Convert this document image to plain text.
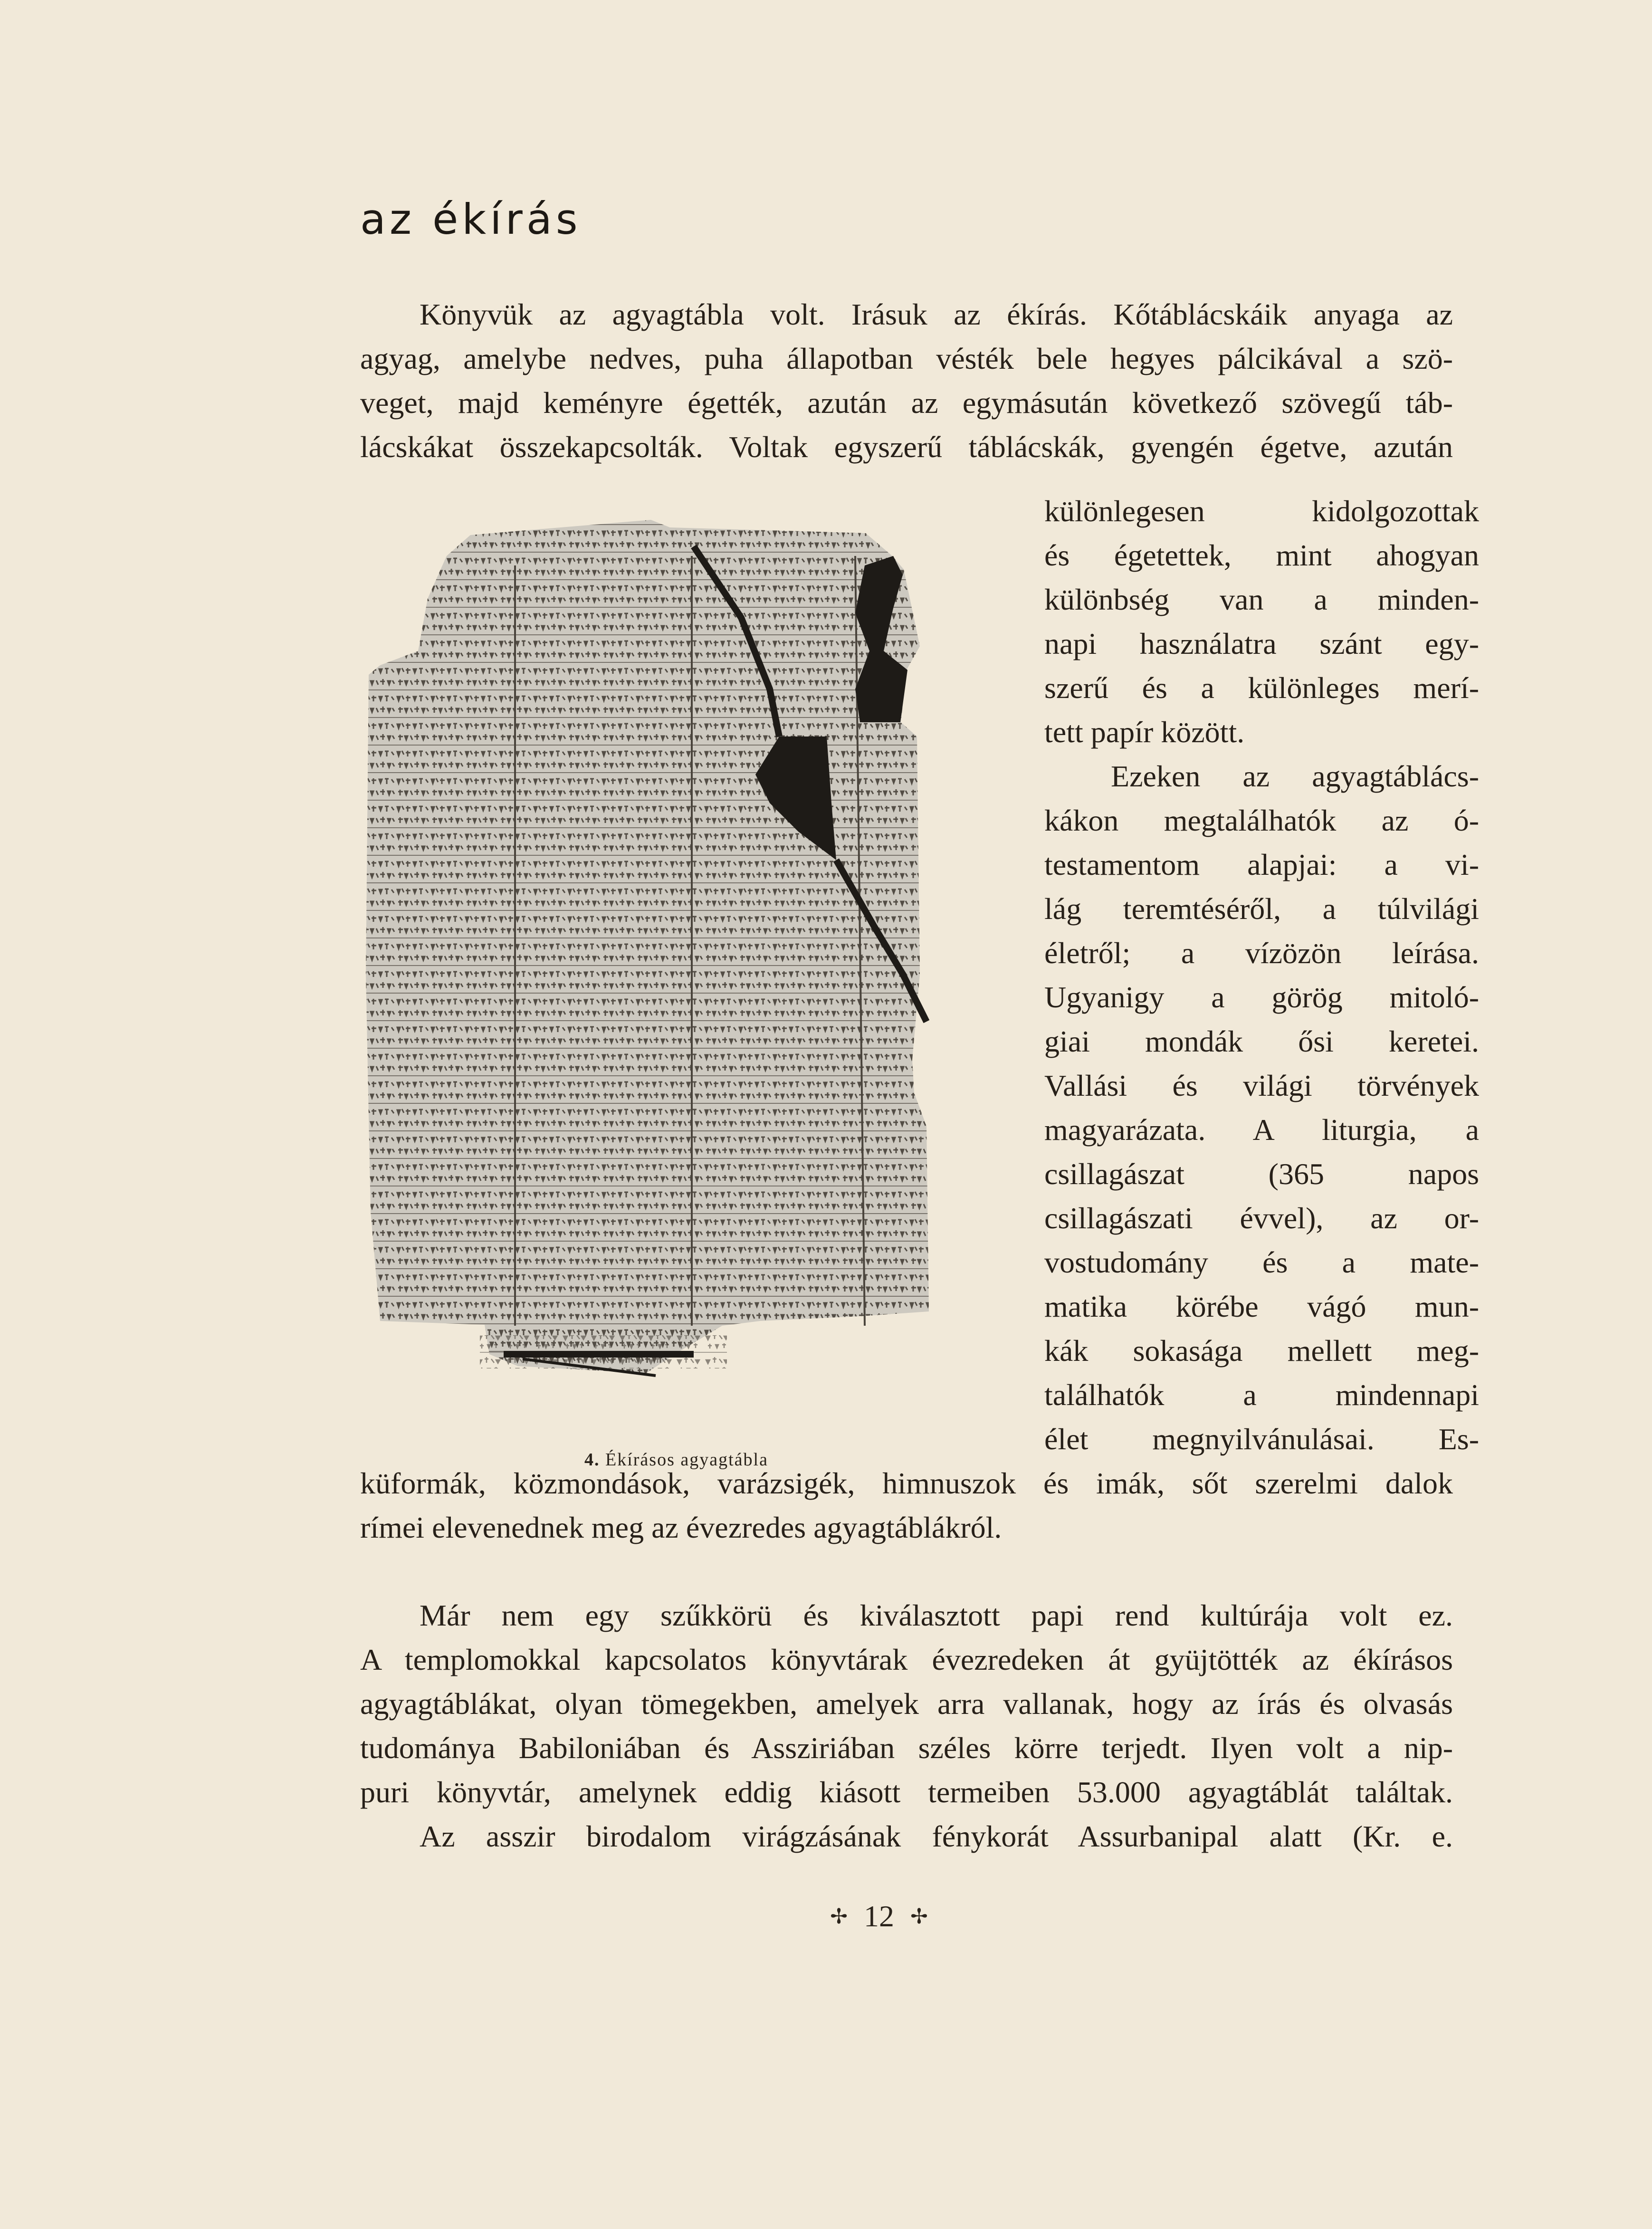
az ékírás
Könyvük az agyagtábla volt. Irásuk az ékírás. Kőtáblácskáik anyaga az
agyag, amelybe nedves, puha állapotban vésték bele hegyes pálcikával a szö-
veget, majd keményre égették, azután az egymásután következő szövegű táb-
lácskákat összekapcsolták. Voltak egyszerű táblácskák, gyengén égetve, azután
különlegesen kidolgozottak
és égetettek, mint ahogyan
különbség van a minden-
napi használatra szánt egy-
szerű és a különleges merí-
tett papír között.
Ezeken az agyagtáblács-
kákon megtalálhatók az ó-
testamentom alapjai: a vi-
lág teremtéséről, a túlvilági
életről; a vízözön leírása.
Ugyanigy a görög mitoló-
giai mondák ősi keretei.
Vallási és világi törvények
magyarázata. A liturgia, a
csillagászat (365 napos
csillagászati évvel), az or-
vostudomány és a mate-
matika körébe vágó mun-
kák sokasága mellett meg-
találhatók a mindennapi
élet megnyilvánulásai. Es-
küformák, közmondások, varázsigék, himnuszok és imák, sőt szerelmi dalok
rímei elevenednek meg az évezredes agyagtáblákról.
Már nem egy szűkkörü és kiválasztott papi rend kultúrája volt ez.
A templomokkal kapcsolatos könyvtárak évezredeken át gyüjtötték az ékírásos
agyagtáblákat, olyan tömegekben, amelyek arra vallanak, hogy az írás és olvasás
tudománya Babiloniában és Assziriában széles körre terjedt. Ilyen volt a nip-
puri könyvtár, amelynek eddig kiásott termeiben 53.000 agyagtáblát találtak.
Az asszir birodalom virágzásának fénykorát Assurbanipal alatt (Kr. e.
4. Ékírásos agyagtábla
✢ 12 ✢
